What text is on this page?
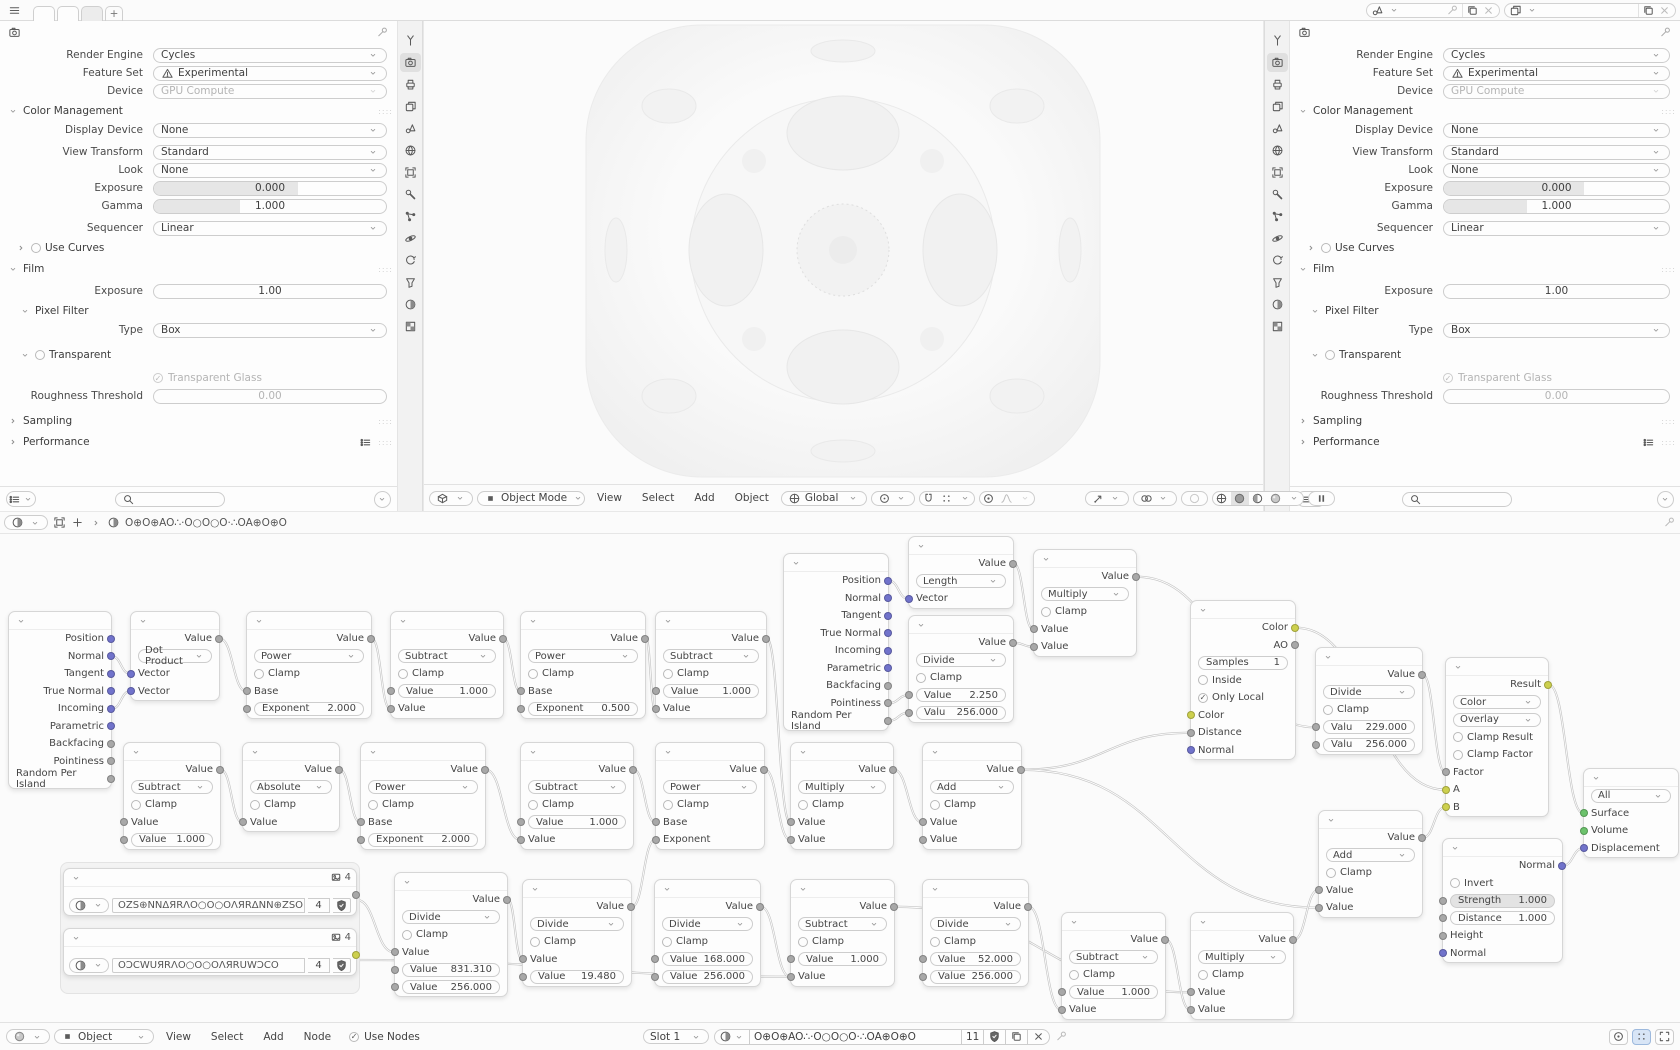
+
Render Engine	Cycles
Feature Set	Experimental
Device	GPU Compute
Color Management	::::
Display Device	None
View Transform	Standard
Look	None
Exposure	0.000
Gamma	1.000
Sequencer	Linear
Use Curves
Film	::::
Exposure	1.00
Pixel Filter
Type	Box
Transparent
✓ Transparent Glass
Roughness Threshold	0.00
Sampling	::::
Performance	::::
Render Engine	Cycles
Feature Set	Experimental
Device	GPU Compute
Color Management	::::
Display Device	None
View Transform	Standard
Look	None
Exposure	0.000
Gamma	1.000
Sequencer	Linear
Use Curves
Film	::::
Exposure	1.00
Pixel Filter
Type	Box
Transparent
✓ Transparent Glass
Roughness Threshold	0.00
Sampling	::::
Performance	::::
Object Mode	View	Select	Add	Object	Global
O⊕O⊕AO∴·O○O○O·∴OA⊕O⊕O
4
OZS⊕NNΔЯRΛO○O○OΛЯRΔNN⊕ZSO	4
4
OƆCWUЯRΛO○O○OΛЯRUWƆCO	4
Position
Normal
Tangent
True Normal
Incoming
Parametric
Backfacing
Pointiness
Random Per Island
Value
Dot Product
Vector
Vector
Value
Power
Clamp
Base
Exponent 2.000
Value
Subtract
Clamp
Value	1.000
Value
Value
Power
Clamp
Base
Exponent 0.500
Value
Subtract
Clamp
Value 1.000
Value
Position
Normal
Tangent
True Normal
Incoming
Parametric
Backfacing
Pointiness
Random Per Island
Value
Length
Vector
Value
Multiply
Clamp
Value
Value
Value
Divide
Clamp
Value 2.250
Valu 256.000
Color
AO
Samples 1
Inside
✓ Only Local
Color
Distance
Normal
Value
Divide
Clamp
Valu 229.000
Valu 256.000
Result
Color
Overlay
Clamp Result
Clamp Factor
Factor
A
B
All
Surface
Volume
Displacement
Value
Subtract
Clamp
Value
Value 1.000
Value
Absolute
Clamp
Value
Value
Power
Clamp
Base
Exponent 2.000
Value
Subtract
Clamp
Value	1.000
Value
Value
Power
Clamp
Base
Exponent
Value
Multiply
Clamp
Value
Value
Value
Add
Clamp
Value
Value
Value
Divide
Clamp
Value
Value 831.310
Value 256.000
Value
Divide
Clamp
Value
Value 19.480
Value
Divide
Clamp
Value 168.000
Value 256.000
Value
Subtract
Clamp
Value 1.000
Value
Value
Divide
Clamp
Value 52.000
Value 256.000
Value
Subtract
Clamp
Value 1.000
Value
Value
Multiply
Clamp
Value
Value
Value
Add
Clamp
Value
Value
Normal
Invert
Strength 1.000
Distance 1.000
Height
Normal
Object	View	Select	Add	Node	✓ Use Nodes	Slot 1	O⊕O⊕AO∴·O○O○O·∴OA⊕O⊕O	11
